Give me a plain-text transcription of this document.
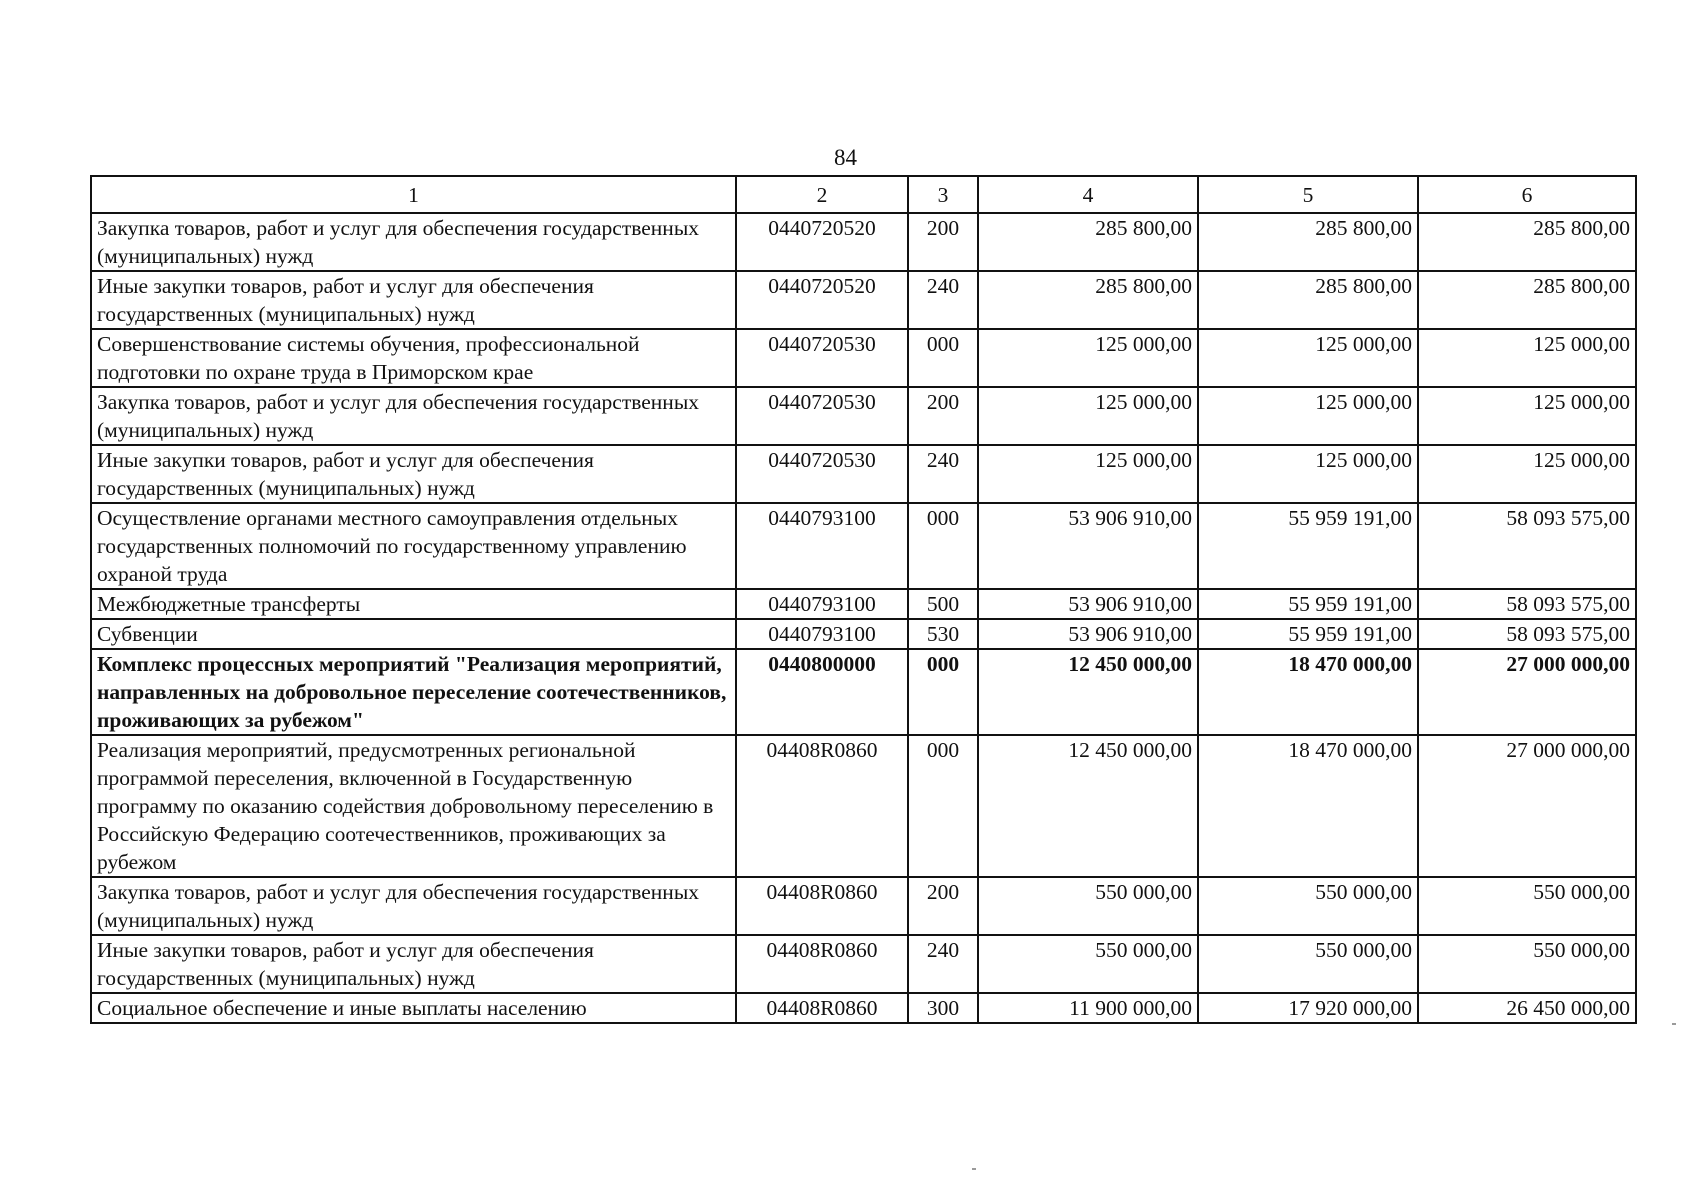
84
1	2	3	4	5	6
Закупка товаров, работ и услуг для обеспечения государственных (муниципальных) нужд	0440720520	200	285 800,00	285 800,00	285 800,00
Иные закупки товаров, работ и услуг для обеспечения государственных (муниципальных) нужд	0440720520	240	285 800,00	285 800,00	285 800,00
Совершенствование системы обучения, профессиональной подготовки по охране труда в Приморском крае	0440720530	000	125 000,00	125 000,00	125 000,00
Закупка товаров, работ и услуг для обеспечения государственных (муниципальных) нужд	0440720530	200	125 000,00	125 000,00	125 000,00
Иные закупки товаров, работ и услуг для обеспечения государственных (муниципальных) нужд	0440720530	240	125 000,00	125 000,00	125 000,00
Осуществление органами местного самоуправления отдельных государственных полномочий по государственному управлению охраной труда	0440793100	000	53 906 910,00	55 959 191,00	58 093 575,00
Межбюджетные трансферты	0440793100	500	53 906 910,00	55 959 191,00	58 093 575,00
Субвенции	0440793100	530	53 906 910,00	55 959 191,00	58 093 575,00
Комплекс процессных мероприятий "Реализация мероприятий, направленных на добровольное переселение соотечественников, проживающих за рубежом"	0440800000	000	12 450 000,00	18 470 000,00	27 000 000,00
Реализация мероприятий, предусмотренных региональной программой переселения, включенной в Государственную программу по оказанию содействия добровольному переселению в Российскую Федерацию соотечественников, проживающих за рубежом	04408R0860	000	12 450 000,00	18 470 000,00	27 000 000,00
Закупка товаров, работ и услуг для обеспечения государственных (муниципальных) нужд	04408R0860	200	550 000,00	550 000,00	550 000,00
Иные закупки товаров, работ и услуг для обеспечения государственных (муниципальных) нужд	04408R0860	240	550 000,00	550 000,00	550 000,00
Социальное обеспечение и иные выплаты населению	04408R0860	300	11 900 000,00	17 920 000,00	26 450 000,00
